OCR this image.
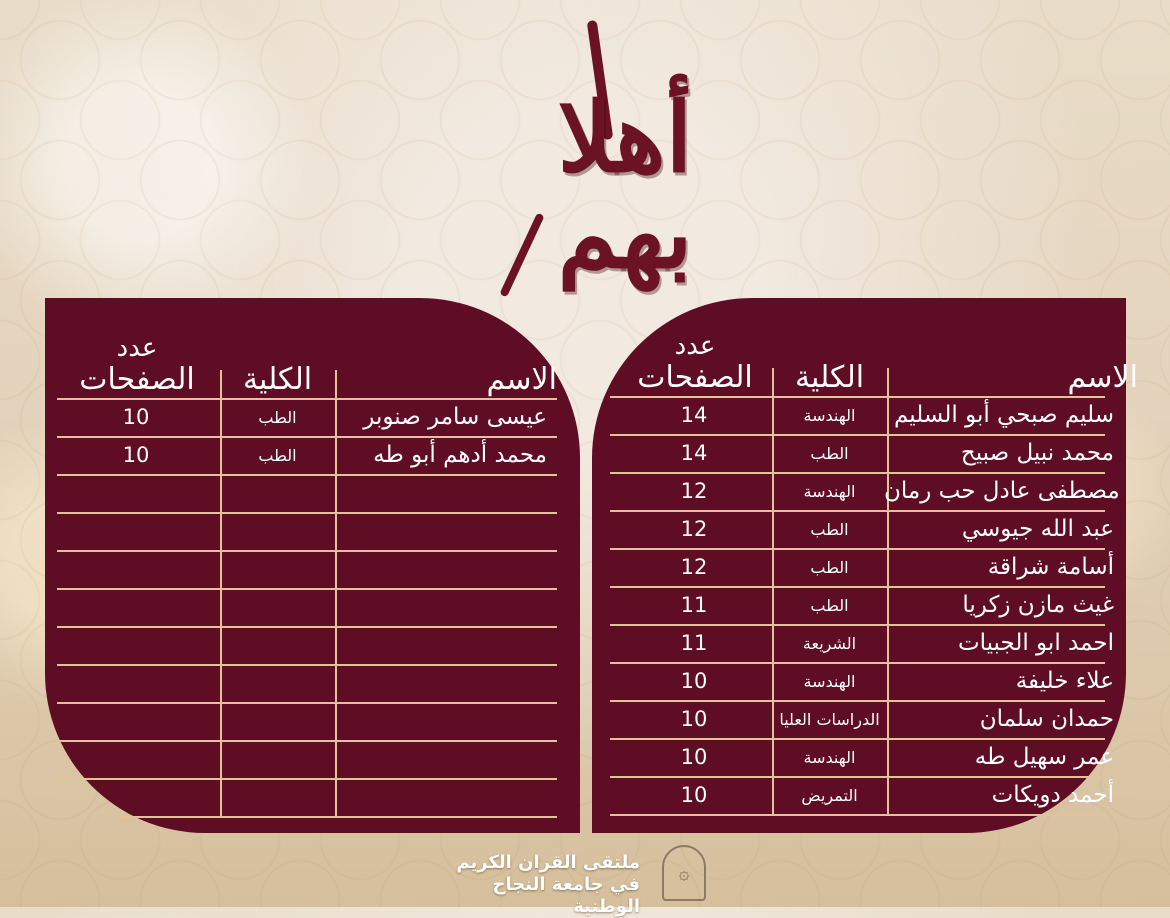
أهلا بهم
ملتقى القران الكريم
في جامعة النجاح الوطنية
۞
الاسم
الكلية
عدد
الصفحات
سليم صبحي أبو السليم
الهندسة
14
محمد نبيل صبيح
الطب
14
مصطفى عادل حب رمان
الهندسة
12
عبد الله جيوسي
الطب
12
أسامة شراقة
الطب
12
غيث مازن زكريا
الطب
11
احمد ابو الجبيات
الشريعة
11
علاء خليفة
الهندسة
10
حمدان سلمان
الدراسات العليا
10
عمر سهيل طه
الهندسة
10
أحمد دويكات
التمريض
10
الاسم
الكلية
عدد
الصفحات
عيسى سامر صنوبر
الطب
10
محمد أدهم أبو طه
الطب
10
